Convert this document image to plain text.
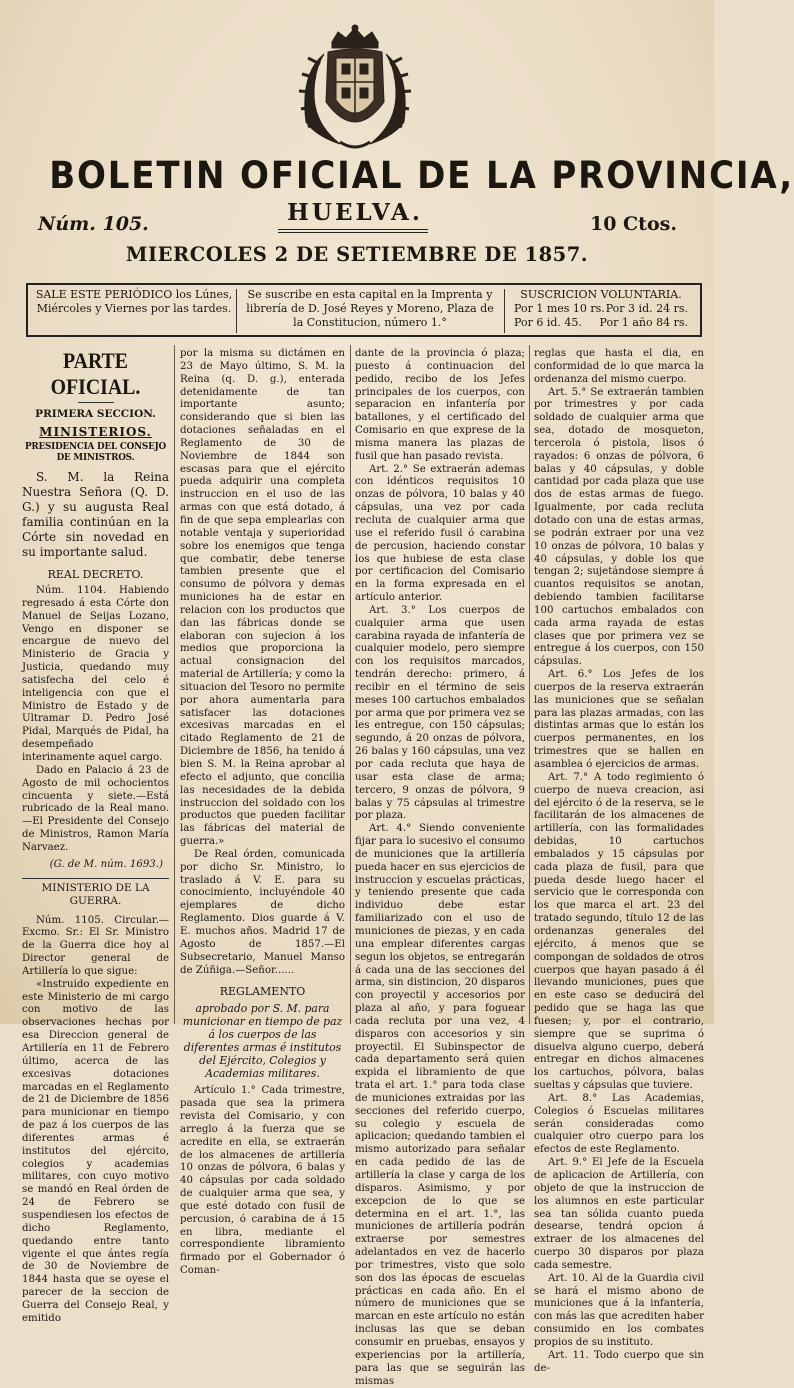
BOLETIN OFICIAL DE LA PROVINCIA,
Núm. 105.	HUELVA.	10 Ctos.
MIERCOLES 2 DE SETIEMBRE DE 1857.
SALE ESTE PERIÓDICO los Lúnes, Miércoles y Viernes por las tardes.
Se suscribe en esta capital en la Imprenta y librería de D. José Reyes y Moreno, Plaza de la Constitucion, número 1.°
SUSCRICION VOLUNTARIA.
Por 1 mes 10 rs. Por 3 id. 24 rs.
Por 6 id. 45. Por 1 año 84 rs.
PARTE OFICIAL.
PRIMERA SECCION.
MINISTERIOS.
PRESIDENCIA DEL CONSEJO DE MINISTROS.

S. M. la Reina Nuestra Señora (Q. D. G.) y su augusta Real familia continúan en la Córte sin novedad en su importante salud.

REAL DECRETO.

Núm. 1104. Habiendo regresado á esta Córte don Manuel de Seijas Lozano, Vengo en disponer se encargue de nuevo del Ministerio de Gracia y Justicia, quedando muy satisfecha del celo é inteligencia con que el Ministro de Estado y de Ultramar D. Pedro José Pidal, Marqués de Pidal, ha desempeñado interinamente aquel cargo.

Dado en Palacio á 23 de Agosto de mil ochocientos cincuenta y siete.—Está rubricado de la Real mano.—El Presidente del Consejo de Ministros, Ramon María Narvaez.

(G. de M. núm. 1693.)
MINISTERIO DE LA GUERRA.

Núm. 1105. Circular.—Excmo. Sr.: El Sr. Ministro de la Guerra dice hoy al Director general de Artillería lo que sigue:

«Instruido expediente en este Ministerio de mi cargo con motivo de las observaciones hechas por esa Direccion general de Artillería en 11 de Febrero último, acerca de las excesivas dotaciones marcadas en el Reglamento de 21 de Diciembre de 1856 para municionar en tiempo de paz á los cuerpos de las diferentes armas é institutos del ejército, colegios y academias militares, con cuyo motivo se mandó en Real órden de 24 de Febrero se suspendiesen los efectos de dicho Reglamento, quedando entre tanto vigente el que ántes regía de 30 de Noviembre de 1844 hasta que se oyese el parecer de la seccion de Guerra del Consejo Real, y emitido

por la misma su dictámen en 23 de Mayo último, S. M. la Reina (q. D. g.), enterada detenidamente de tan importante asunto; considerando que si bien las dotaciones señaladas en el Reglamento de 30 de Noviembre de 1844 son escasas para que el ejército pueda adquirir una completa instruccion en el uso de las armas con que está dotado, á fin de que sepa emplearlas con notable ventaja y superioridad sobre los enemigos que tenga que combatir, debe tenerse tambien presente que el consumo de pólvora y demas municiones ha de estar en relacion con los productos que dan las fábricas donde se elaboran con sujecion á los medios que proporciona la actual consignacion del material de Artillería; y como la situacion del Tesoro no permite por ahora aumentarla para satisfacer las dotaciones excesivas marcadas en el citado Reglamento de 21 de Diciembre de 1856, ha tenido á bien S. M. la Reina aprobar al efecto el adjunto, que concilia las necesidades de la debida instruccion del soldado con los productos que pueden facilitar las fábricas del material de guerra.»

De Real órden, comunicada por dicho Sr. Ministro, lo traslado á V. E. para su conocimiento, incluyéndole 40 ejemplares de dicho Reglamento. Dios guarde á V. E. muchos años. Madrid 17 de Agosto de 1857.—El Subsecretario, Manuel Manso de Zúñiga.—Señor......

REGLAMENTO
aprobado por S. M. para municionar en tiempo de paz á los cuerpos de las diferentes armas é institutos del Ejército, Colegios y Academias militares.

Artículo 1.° Cada trimestre, pasada que sea la primera revista del Comisario, y con arreglo á la fuerza que se acredite en ella, se extraerán de los almacenes de artillería 10 onzas de pólvora, 6 balas y 40 cápsulas por cada soldado de cualquier arma que sea, y que esté dotado con fusil de percusion, ó carabina de á 15 en libra, mediante el correspondiente libramiento firmado por el Gobernador ó Coman-

dante de la provincia ó plaza; puesto á continuacion del pedido, recibo de los Jefes principales de los cuerpos, con separacion en infantería por batallones, y el certificado del Comisario en que exprese de la misma manera las plazas de fusil que han pasado revista.

Art. 2.° Se extraerán ademas con idénticos requisitos 10 onzas de pólvora, 10 balas y 40 cápsulas, una vez por cada recluta de cualquier arma que use el referido fusil ó carabina de percusion, haciendo constar los que hubiese de esta clase por certificacion del Comisario en la forma expresada en el artículo anterior.

Art. 3.° Los cuerpos de cualquier arma que usen carabina rayada de infantería de cualquier modelo, pero siempre con los requisitos marcados, tendrán derecho: primero, á recibir en el término de seis meses 100 cartuchos embalados por arma que por primera vez se les entregue, con 150 cápsulas; segundo, á 20 onzas de pólvora, 26 balas y 160 cápsulas, una vez por cada recluta que haya de usar esta clase de arma; tercero, 9 onzas de pólvora, 9 balas y 75 cápsulas al trimestre por plaza.

Art. 4.° Siendo conveniente fijar para lo sucesivo el consumo de municiones que la artillería pueda hacer en sus ejercicios de instruccion y escuelas prácticas, y teniendo presente que cada individuo debe estar familiarizado con el uso de municiones de piezas, y en cada una emplear diferentes cargas segun los objetos, se entregarán á cada una de las secciones del arma, sin distincion, 20 disparos con proyectil y accesorios por plaza al año, y para foguear cada recluta por una vez, 4 disparos con accesorios y sin proyectil. El Subinspector de cada departamento será quien expida el libramiento de que trata el art. 1.° para toda clase de municiones extraidas por las secciones del referido cuerpo, su colegio y escuela de aplicacion; quedando tambien el mismo autorizado para señalar en cada pedido de las de artillería la clase y carga de los disparos. Asimismo, y por excepcion de lo que se determina en el art. 1.°, las municiones de artillería podrán extraerse por semestres adelantados en vez de hacerlo por trimestres, visto que solo son dos las épocas de escuelas prácticas en cada año. En el número de municiones que se marcan en este artículo no están inclusas las que se deban consumir en pruebas, ensayos y experiencias por la artillería, para las que se seguirán las mismas

reglas que hasta el dia, en conformidad de lo que marca la ordenanza del mismo cuerpo.

Art. 5.° Se extraerán tambien por trimestres y por cada soldado de cualquier arma que sea, dotado de mosqueton, tercerola ó pistola, lisos ó rayados: 6 onzas de pólvora, 6 balas y 40 cápsulas, y doble cantidad por cada plaza que use dos de estas armas de fuego. Igualmente, por cada recluta dotado con una de estas armas, se podrán extraer por una vez 10 onzas de pólvora, 10 balas y 40 cápsulas, y doble los que tengan 2; sujetándose siempre á cuantos requisitos se anotan, debiendo tambien facilitarse 100 cartuchos embalados con cada arma rayada de estas clases que por primera vez se entregue á los cuerpos, con 150 cápsulas.

Art. 6.° Los Jefes de los cuerpos de la reserva extraerán las municiones que se señalan para las plazas armadas, con las distintas armas que lo están los cuerpos permanentes, en los trimestres que se hallen en asamblea ó ejercicios de armas.

Art. 7.° A todo regimiento ó cuerpo de nueva creacion, asi del ejército ó de la reserva, se le facilitarán de los almacenes de artillería, con las formalidades debidas, 10 cartuchos embalados y 15 cápsulas por cada plaza de fusil, para que pueda desde luego hacer el servicio que le corresponda con los que marca el art. 23 del tratado segundo, título 12 de las ordenanzas generales del ejército, á menos que se compongan de soldados de otros cuerpos que hayan pasado á él llevando municiones, pues que en este caso se deducirá del pedido que se haga las que fuesen; y, por el contrario, siempre que se suprima ó disuelva alguno cuerpo, deberá entregar en dichos almacenes los cartuchos, pólvora, balas sueltas y cápsulas que tuviere.

Art. 8.° Las Academias, Colegios ó Escuelas militares serán consideradas como cualquier otro cuerpo para los efectos de este Reglamento.

Art. 9.° El Jefe de la Escuela de aplicacion de Artillería, con objeto de que la instruccion de los alumnos en este particular sea tan sólida cuanto pueda desearse, tendrá opcion á extraer de los almacenes del cuerpo 30 disparos por plaza cada semestre.

Art. 10. Al de la Guardia civil se hará el mismo abono de municiones que á la infantería, con más las que acrediten haber consumido en los combates propios de su instituto.

Art. 11. Todo cuerpo que sin de-
